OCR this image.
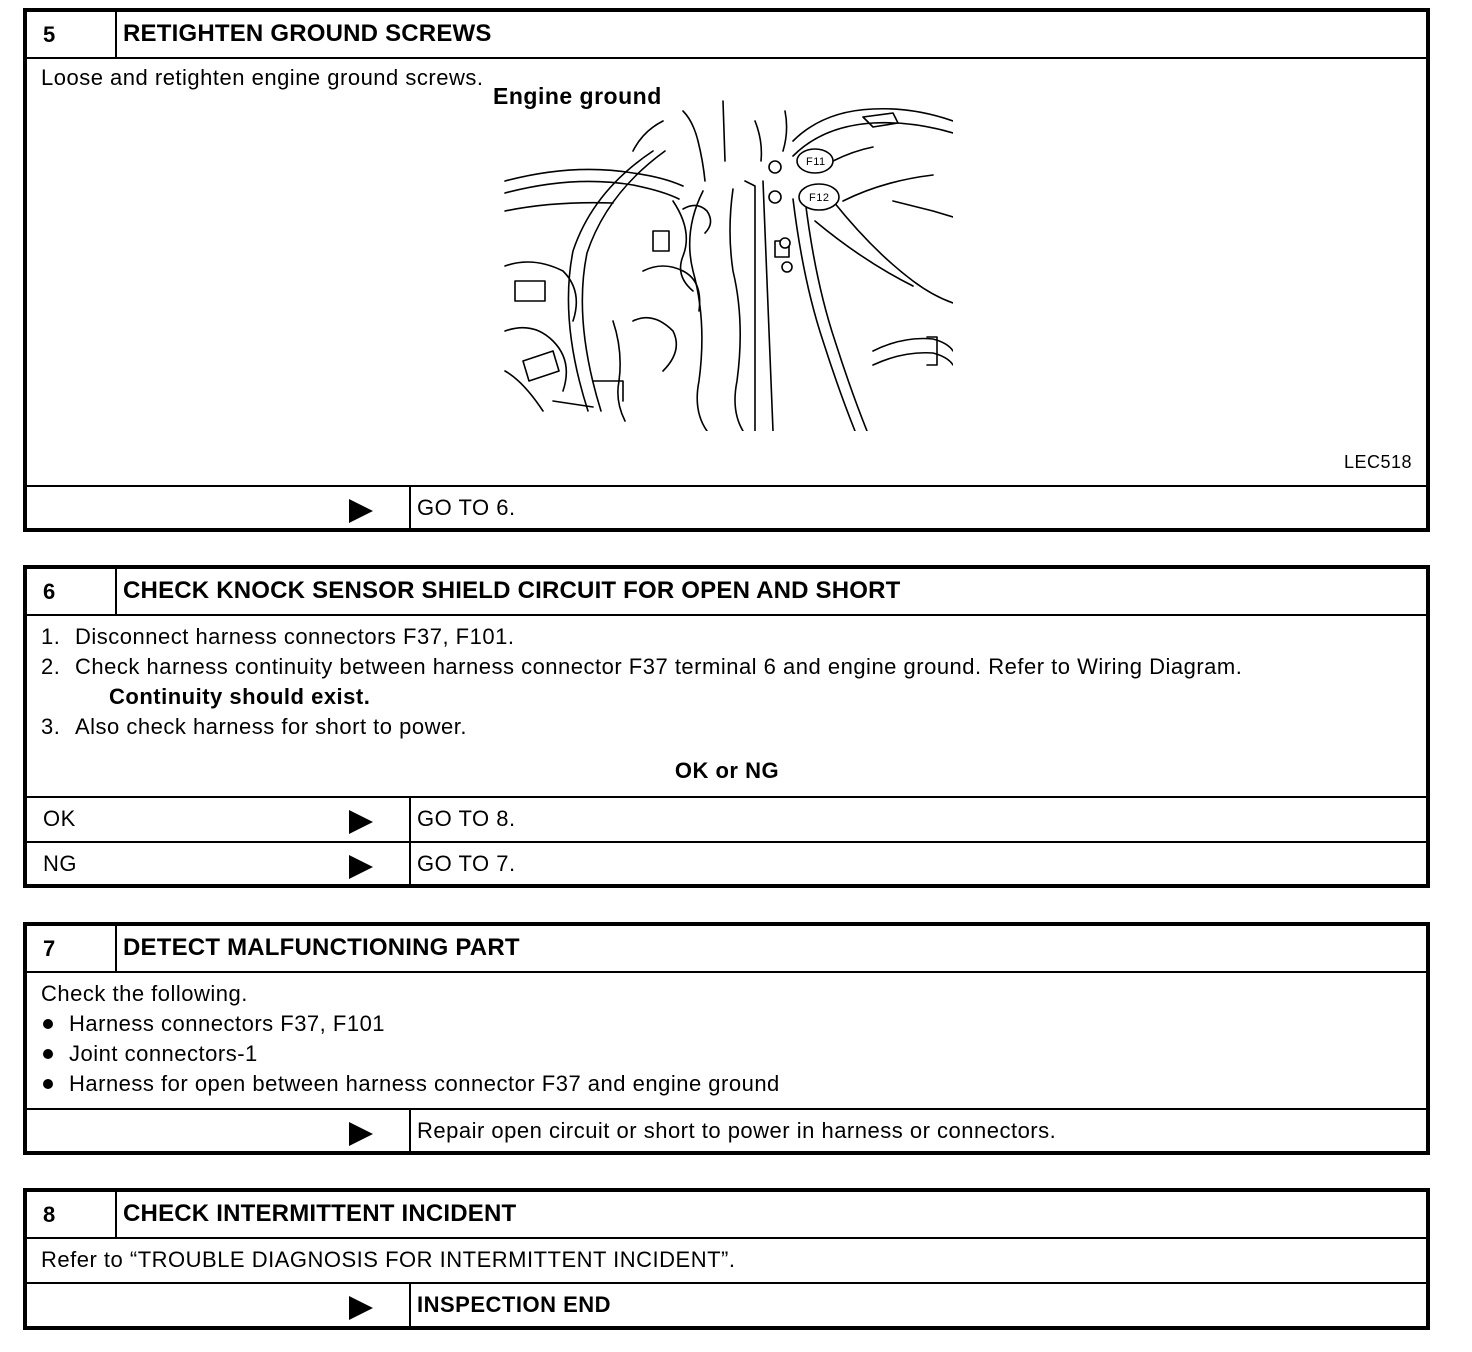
5	RETIGHTEN GROUND SCREWS

Loose and retighten engine ground screws.

Engine ground
F11
F12
LEC518
GO TO 6.
6	CHECK KNOCK SENSOR SHIELD CIRCUIT FOR OPEN AND SHORT
1. Disconnect harness connectors F37, F101.
2. Check harness continuity between harness connector F37 terminal 6 and engine ground. Refer to Wiring Diagram.
Continuity should exist.
3. Also check harness for short to power.
OK or NG
OK	GO TO 8.
NG	GO TO 7.
7	DETECT MALFUNCTIONING PART

Check the following.

Harness connectors F37, F101
Joint connectors-1
Harness for open between harness connector F37 and engine ground
Repair open circuit or short to power in harness or connectors.
8	CHECK INTERMITTENT INCIDENT

Refer to “TROUBLE DIAGNOSIS FOR INTERMITTENT INCIDENT”.

INSPECTION END
